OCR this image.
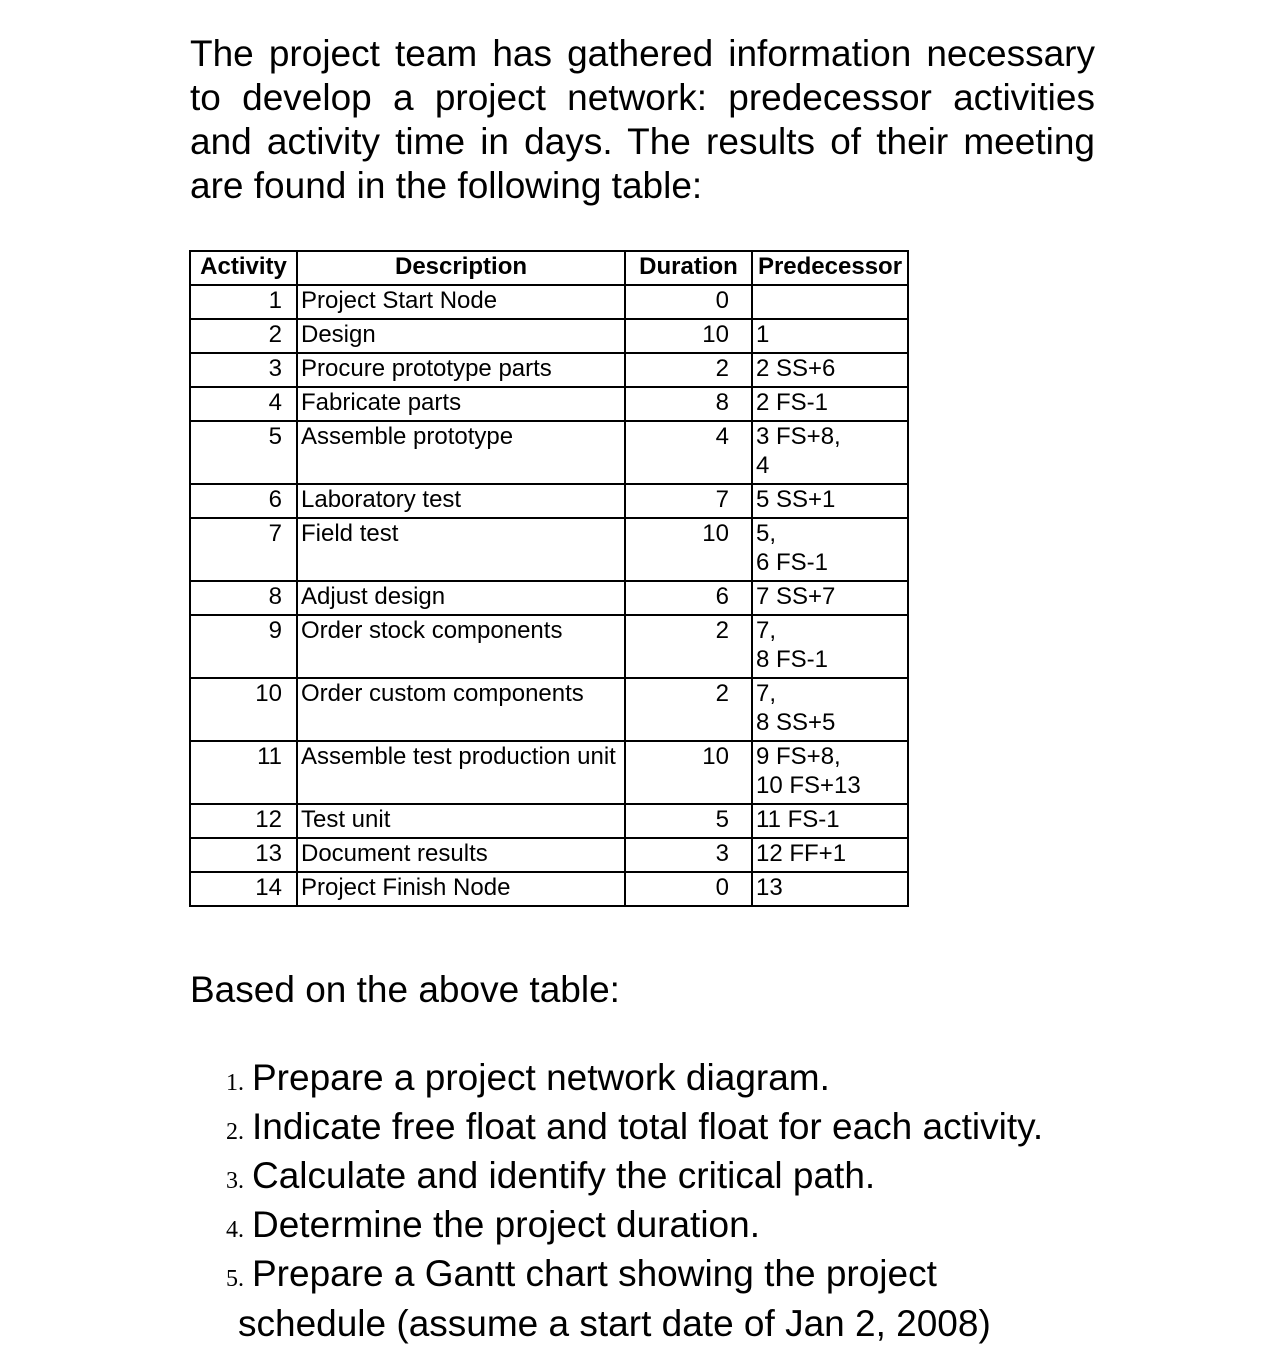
The project team has gathered information necessary to develop a project network: predecessor activities and activity time in days. The results of their meeting are found in the following table:

Activity	Description	Duration	Predecessor
1	Project Start Node	0	
2	Design	10	1
3	Procure prototype parts	2	2 SS+6
4	Fabricate parts	8	2 FS-1
5	Assemble prototype	4	3 FS+8,
4
6	Laboratory test	7	5 SS+1
7	Field test	10	5,
6 FS-1
8	Adjust design	6	7 SS+7
9	Order stock components	2	7,
8 FS-1
10	Order custom components	2	7,
8 SS+5
11	Assemble test production unit	10	9 FS+8,
10 FS+13
12	Test unit	5	11 FS-1
13	Document results	3	12 FF+1
14	Project Finish Node	0	13

Based on the above table:

1. Prepare a project network diagram.
2. Indicate free float and total float for each activity.
3. Calculate and identify the critical path.
4. Determine the project duration.
5. Prepare a Gantt chart showing the project
schedule (assume a start date of Jan 2, 2008)
